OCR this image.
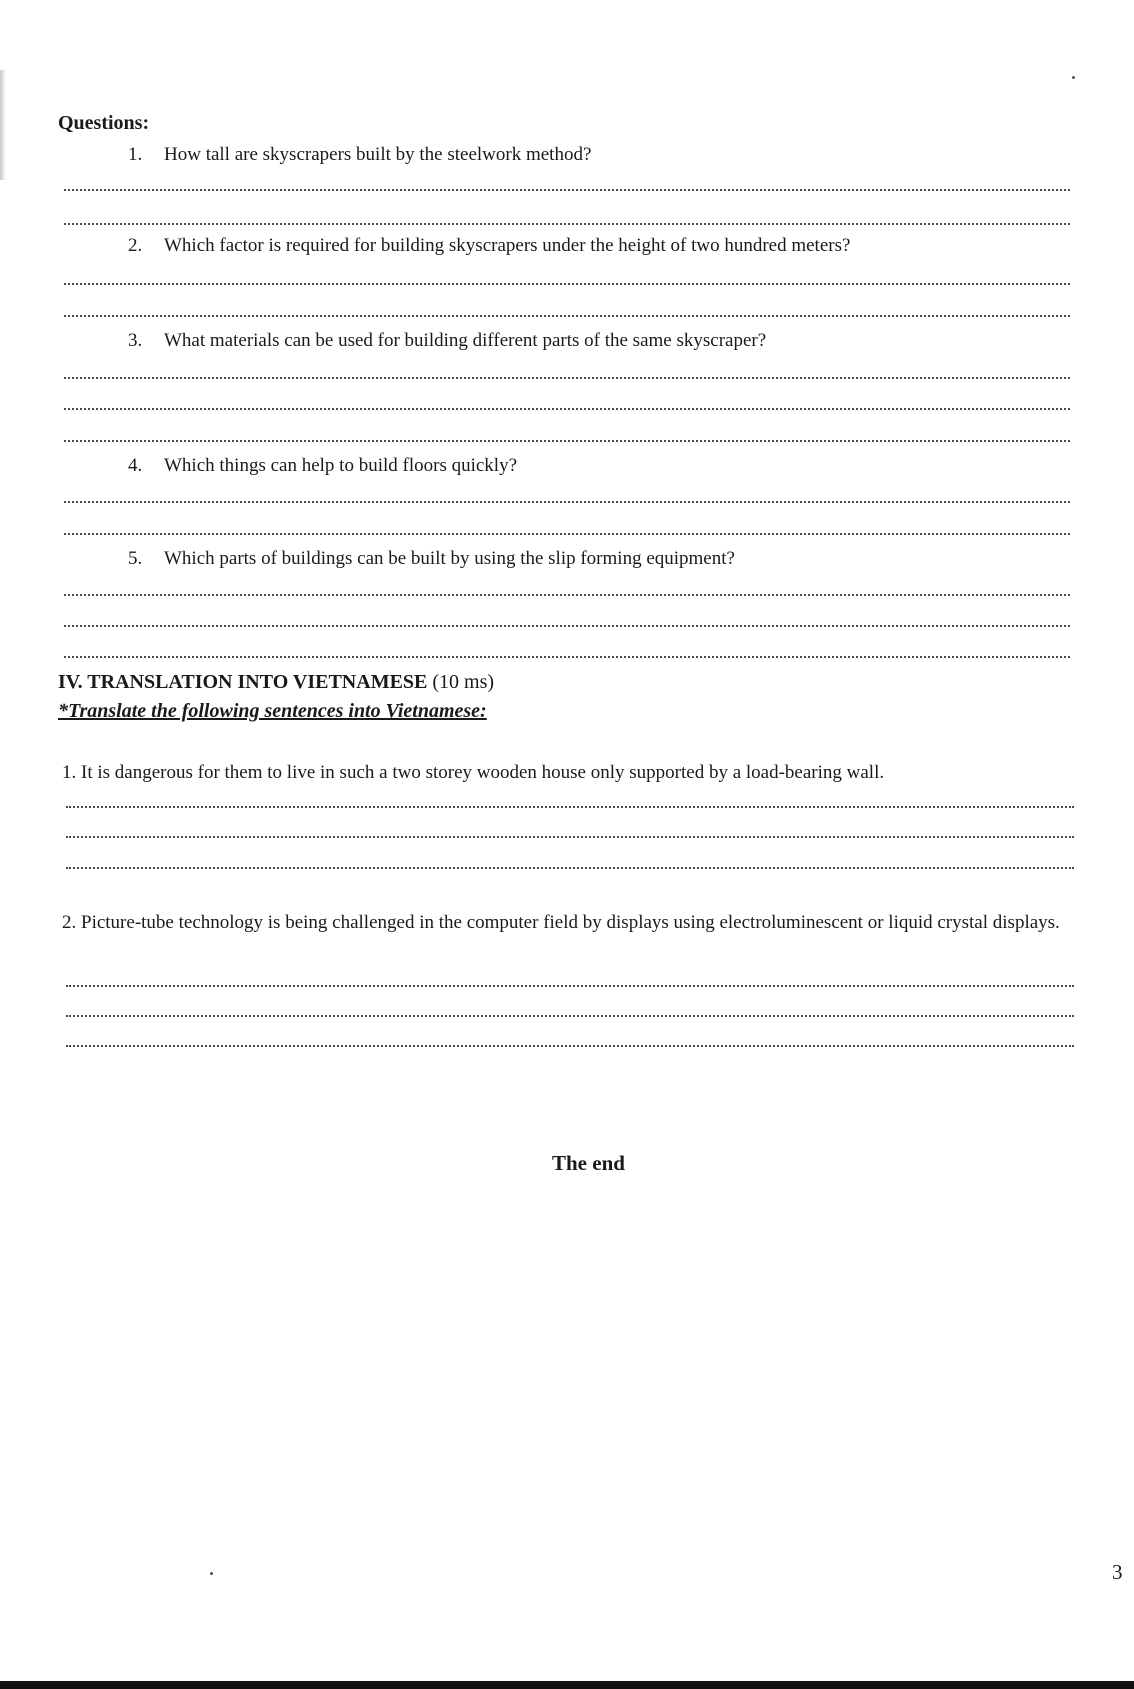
Questions:
1. How tall are skyscrapers built by the steelwork method?
2. Which factor is required for building skyscrapers under the height of two hundred meters?
3. What materials can be used for building different parts of the same skyscraper?
4. Which things can help to build floors quickly?
5. Which parts of buildings can be built by using the slip forming equipment?
IV. TRANSLATION INTO VIETNAMESE (10 ms)
*Translate the following sentences into Vietnamese:
1. It is dangerous for them to live in such a two storey wooden house only supported by a load-bearing wall.
2. Picture-tube technology is being challenged in the computer field by displays using electroluminescent or liquid crystal displays.
The end
3
